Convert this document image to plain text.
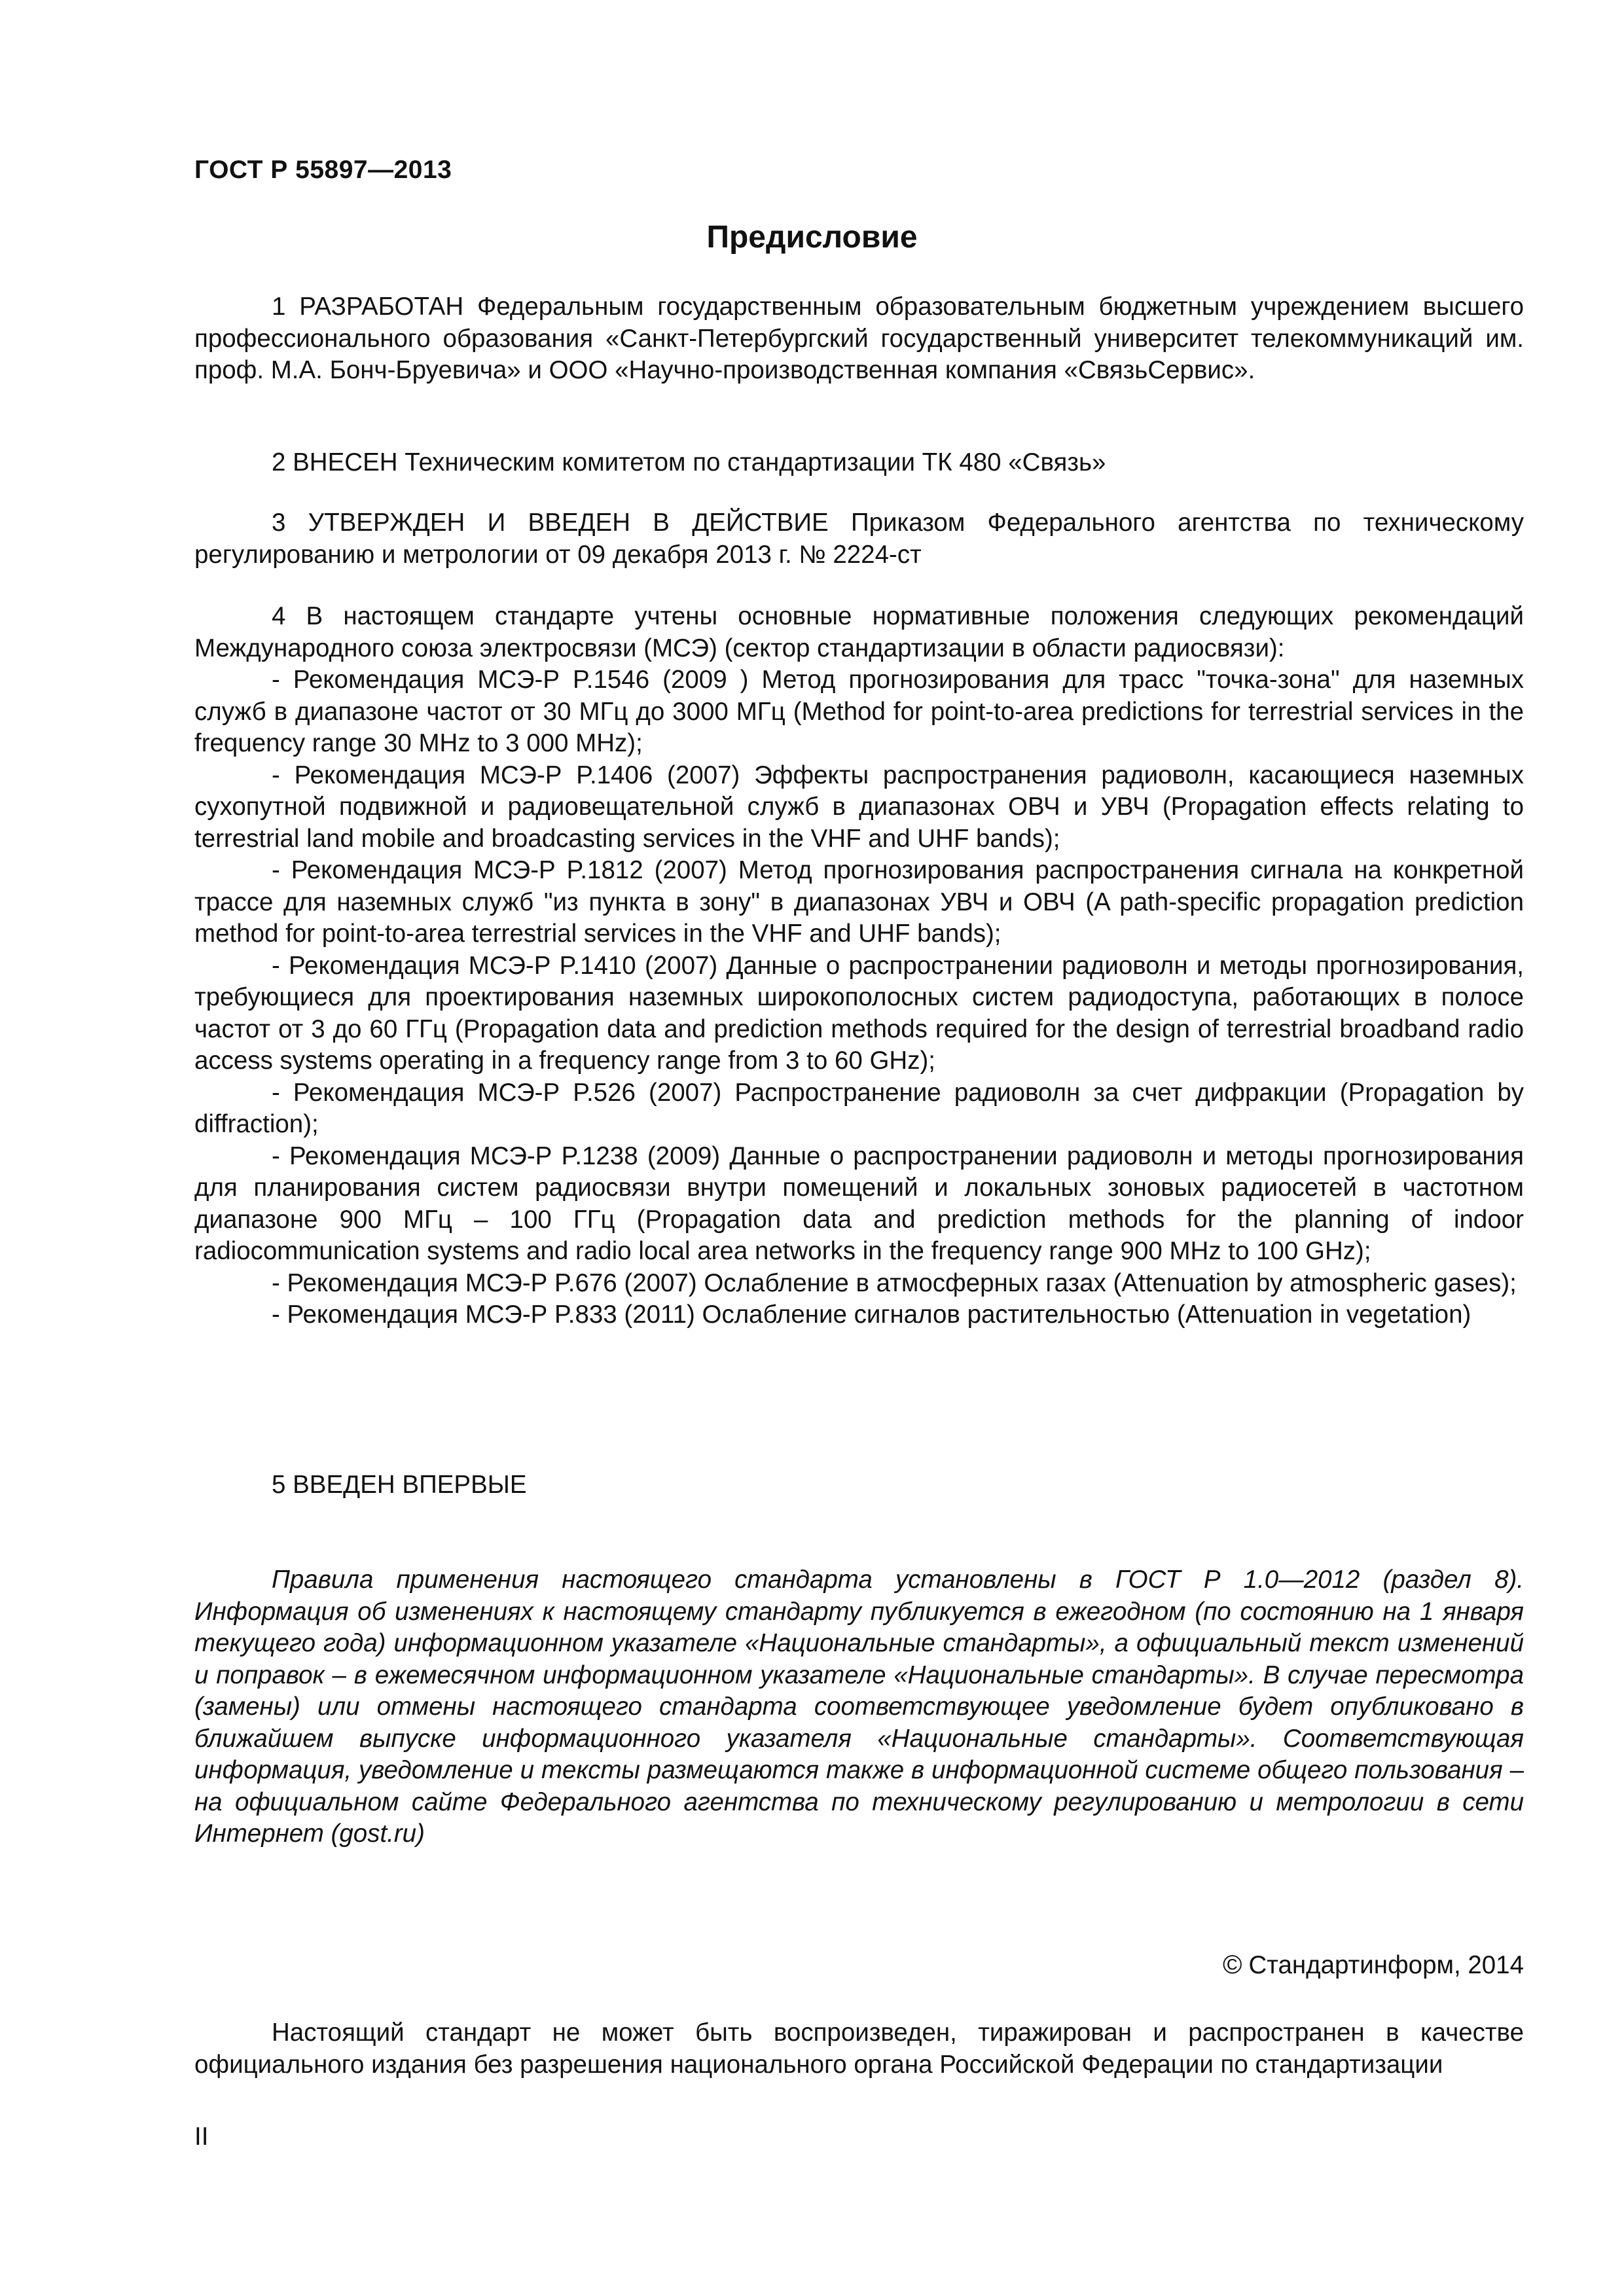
ГОСТ Р 55897—2013
Предисловие

1 РАЗРАБОТАН Федеральным государственным образовательным бюджетным учреждением высшего профессионального образования «Санкт-Петербургский государственный университет телекоммуникаций им. проф. М.А. Бонч-Бруевича» и ООО «Научно-производственная компания «СвязьСервис».

2 ВНЕСЕН Техническим комитетом по стандартизации ТК 480 «Связь»

3 УТВЕРЖДЕН И ВВЕДЕН В ДЕЙСТВИЕ Приказом Федерального агентства по техническому регулированию и метрологии от 09 декабря 2013 г. № 2224-ст

4 В настоящем стандарте учтены основные нормативные положения следующих рекомендаций Международного союза электросвязи (МСЭ) (сектор стандартизации в области радиосвязи):

- Рекомендация МСЭ-Р P.1546 (2009 ) Метод прогнозирования для трасс "точка-зона" для наземных служб в диапазоне частот от 30 МГц до 3000 МГц (Method for point-to-area predictions for terrestrial services in the frequency range 30 MHz to 3 000 MHz);

- Рекомендация МСЭ-Р P.1406 (2007) Эффекты распространения радиоволн, касающиеся наземных сухопутной подвижной и радиовещательной служб в диапазонах ОВЧ и УВЧ (Propagation effects relating to terrestrial land mobile and broadcasting services in the VHF and UHF bands);

- Рекомендация МСЭ-Р P.1812 (2007) Метод прогнозирования распространения сигнала на конкретной трассе для наземных служб "из пункта в зону" в диапазонах УВЧ и ОВЧ (A path-specific propagation prediction method for point-to-area terrestrial services in the VHF and UHF bands);

- Рекомендация МСЭ-Р P.1410 (2007) Данные о распространении радиоволн и методы прогнозирования, требующиеся для проектирования наземных широкополосных систем радиодоступа, работающих в полосе частот от 3 до 60 ГГц (Propagation data and prediction methods required for the design of terrestrial broadband radio access systems operating in a frequency range from 3 to 60 GHz);

- Рекомендация МСЭ-Р P.526 (2007) Распространение радиоволн за счет дифракции (Propagation by diffraction);

- Рекомендация МСЭ-Р P.1238 (2009) Данные о распространении радиоволн и методы прогнозирования для планирования систем радиосвязи внутри помещений и локальных зоновых радиосетей в частотном диапазоне 900 МГц – 100 ГГц (Propagation data and prediction methods for the planning of indoor radiocommunication systems and radio local area networks in the frequency range 900 MHz to 100 GHz);

- Рекомендация МСЭ-Р P.676 (2007) Ослабление в атмосферных газах (Attenuation by atmospheric gases);

- Рекомендация МСЭ-Р P.833 (2011) Ослабление сигналов растительностью (Attenuation in vegetation)

5 ВВЕДЕН ВПЕРВЫЕ

Правила применения настоящего стандарта установлены в ГОСТ Р 1.0—2012 (раздел 8). Информация об изменениях к настоящему стандарту публикуется в ежегодном (по состоянию на 1 января текущего года) информационном указателе «Национальные стандарты», а официальный текст изменений и поправок – в ежемесячном информационном указателе «Национальные стандарты». В случае пересмотра (замены) или отмены настоящего стандарта соответствующее уведомление будет опубликовано в ближайшем выпуске информационного указателя «Национальные стандарты». Соответствующая информация, уведомление и тексты размещаются также в информационной системе общего пользования – на официальном сайте Федерального агентства по техническому регулированию и метрологии в сети Интернет (gost.ru)

© Стандартинформ, 2014

Настоящий стандарт не может быть воспроизведен, тиражирован и распространен в качестве официального издания без разрешения национального органа Российской Федерации по стандартизации

II
